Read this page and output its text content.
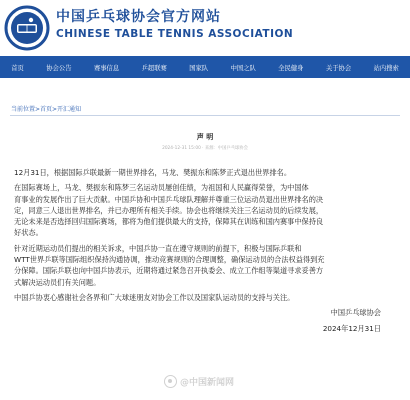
中国乒乓球协会官方网站
CHINESE TABLE TENNIS ASSOCIATION
首页	协会公告	赛事信息	乒超联赛	国家队	中国之队	全民健身	关于协会	站内搜索
当前位置>首页>开汇通知
声 明
2024-12-31 15:00 · 来源：中国乒乓球协会
12月31日，根据国际乒联最新一期世界排名，马龙、樊振东和陈梦正式退出世界排名。
在国际赛场上，马龙、樊振东和陈梦三名运动员屡创佳绩，为祖国和人民赢得荣誉，为中国体
育事业的发展作出了巨大贡献。中国乒协和中国乒乓球队理解并尊重三位运动员退出世界排名的决
定，同意三人退出世界排名，并已办理所有相关手续。协会也将继续关注三名运动员的后续发展，
无论未来是否选择回归国际赛场，都将为他们提供最大的支持，保障其在训练和国内赛事中保持良
好状态。
针对近期运动员们提出的相关诉求，中国乒协一直在遵守规则的前提下，积极与国际乒联和
WTT世界乒联等国际组织保持沟通协调，推动竞赛规则的合理调整，确保运动员的合法权益得到充
分保障。国际乒联也向中国乒协表示，近期将通过紧急召开执委会、成立工作组等渠道寻求妥善方
式解决运动员们有关问题。
中国乒协衷心感谢社会各界和广大球迷朋友对协会工作以及国家队运动员的支持与关注。
中国乒乓球协会
2024年12月31日
@中国新闻网
